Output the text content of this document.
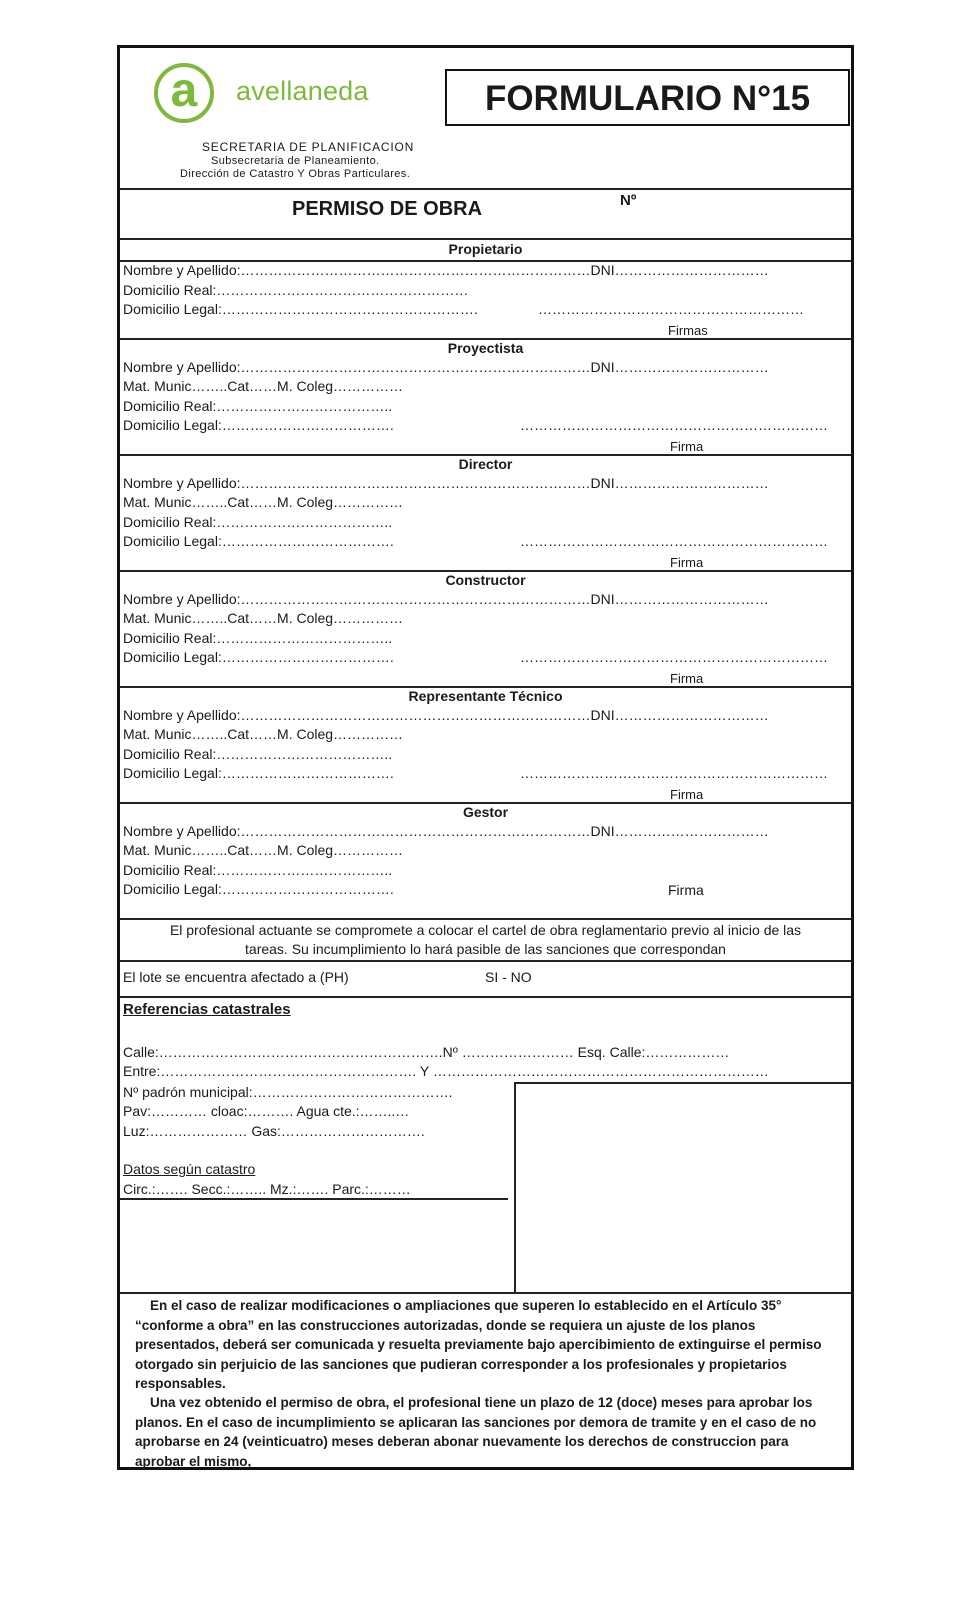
a	avellaneda
SECRETARIA DE PLANIFICACION
Subsecretaria de Planeamiento.
Dirección de Catastro Y Obras Particulares.
FORMULARIO N°15
PERMISO DE OBRA	Nº
Propietario
Nombre y Apellido:…………………………………………………………………DNI……………………………
Domicilio Real:………………………………………………
Domicilio Legal:……………………………………………….	…………………………………………………
Firmas
Proyectista
Nombre y Apellido:…………………………………………………………………DNI……………………………
Mat. Munic……..Cat……M. Coleg……………
Domicilio Real:………………………………..
Domicilio Legal:……………………………….	…………………………………………………………
Firma
Director
Nombre y Apellido:…………………………………………………………………DNI……………………………
Mat. Munic……..Cat……M. Coleg……………
Domicilio Real:………………………………..
Domicilio Legal:……………………………….	…………………………………………………………
Firma
Constructor
Nombre y Apellido:…………………………………………………………………DNI……………………………
Mat. Munic……..Cat……M. Coleg……………
Domicilio Real:………………………………..
Domicilio Legal:……………………………….	…………………………………………………………
Firma
Representante Técnico
Nombre y Apellido:…………………………………………………………………DNI……………………………
Mat. Munic……..Cat……M. Coleg……………
Domicilio Real:………………………………..
Domicilio Legal:……………………………….	…………………………………………………………
Firma
Gestor
Nombre y Apellido:…………………………………………………………………DNI……………………………
Mat. Munic……..Cat……M. Coleg……………
Domicilio Real:………………………………..
Domicilio Legal:……………………………….	Firma
El profesional actuante se compromete a colocar el cartel de obra reglamentario previo al inicio de las
tareas. Su incumplimiento lo hará pasible de las sanciones que correspondan
El lote se encuentra afectado a (PH)	SI - NO
Referencias catastrales
Calle:…………………………………………………….Nº …………………… Esq. Calle:………………
Entre:………………………………………………. Y ………………………………………………………………
Nº padrón municipal:…………………………………….
Pav:………… cloac:………. Agua cte.:……..…
Luz:………………… Gas:………………………….
Datos según catastro
Circ.:……. Secc.:…….. Mz.:……. Parc.:………
En el caso de realizar modificaciones o ampliaciones que superen lo establecido en el Artículo 35° “conforme a obra” en las construcciones autorizadas, donde se requiera un ajuste de los planos presentados, deberá ser comunicada y resuelta previamente bajo apercibimiento de extinguirse el permiso otorgado sin perjuicio de las sanciones que pudieran corresponder a los profesionales y propietarios responsables.
Una vez obtenido el permiso de obra, el profesional tiene un plazo de 12 (doce) meses para aprobar los planos. En el caso de incumplimiento se aplicaran las sanciones por demora de tramite y en el caso de no aprobarse en 24 (veinticuatro) meses deberan abonar nuevamente los derechos de construccion para aprobar el mismo,
